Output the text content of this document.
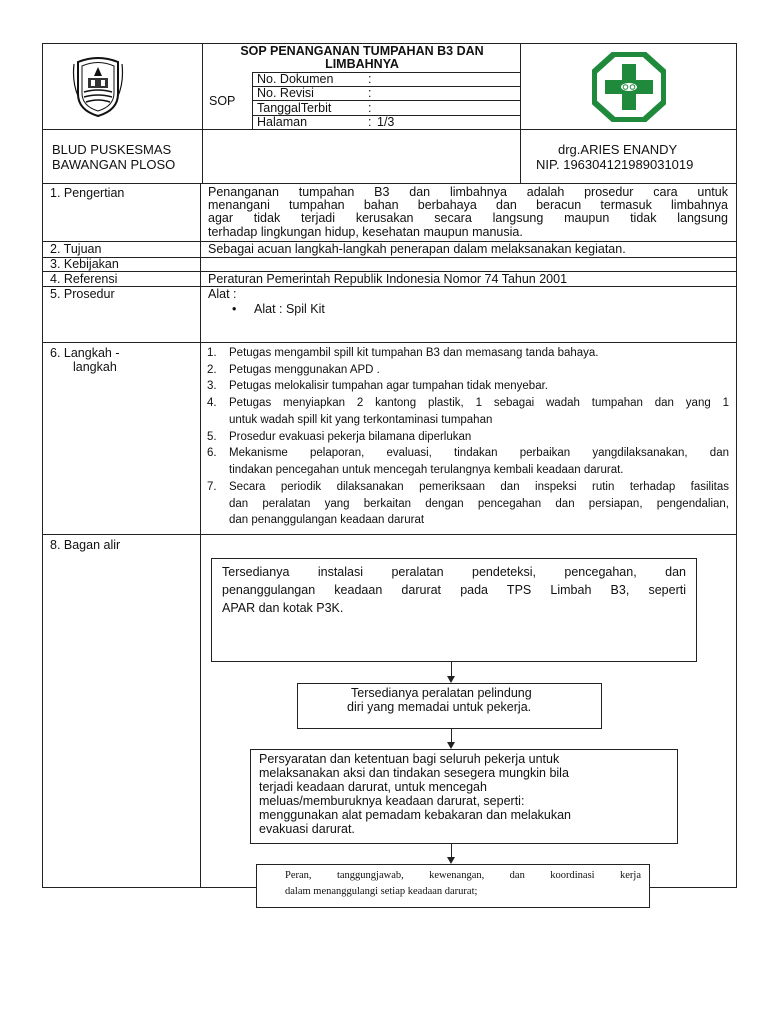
SOP PENANGANAN TUMPAHAN B3 DAN
LIMBAHNYA
SOP
No. Dokumen	:
No. Revisi	:
TanggalTerbit	:
Halaman	: 1/3
BLUD PUSKESMAS
BAWANGAN PLOSO
drg.ARIES ENANDY
NIP. 196304121989031019
1. Pengertian	Penanganan tumpahan B3 dan limbahnya adalah prosedur cara untuk
menangani tumpahan bahan berbahaya dan beracun termasuk limbahnya
agar tidak terjadi kerusakan secara langsung maupun tidak langsung
terhadap lingkungan hidup, kesehatan maupun manusia.
2. Tujuan	Sebagai acuan langkah-langkah penerapan dalam melaksanakan kegiatan.
3. Kebijakan
4. Referensi	Peraturan Pemerintah Republik Indonesia Nomor 74 Tahun 2001
5. Prosedur	Alat :
• Alat : Spil Kit
6. Langkah -
langkah
1. Petugas mengambil spill kit tumpahan B3 dan memasang tanda bahaya.
2. Petugas menggunakan APD .
3. Petugas melokalisir tumpahan agar tumpahan tidak menyebar.
4. Petugas menyiapkan 2 kantong plastik, 1 sebagai wadah tumpahan dan yang 1
untuk wadah spill kit yang terkontaminasi tumpahan
5. Prosedur evakuasi pekerja bilamana diperlukan
6. Mekanisme pelaporan, evaluasi, tindakan perbaikan yangdilaksanakan, dan
tindakan pencegahan untuk mencegah terulangnya kembali keadaan darurat.
7. Secara periodik dilaksanakan pemeriksaan dan inspeksi rutin terhadap fasilitas
dan peralatan yang berkaitan dengan pencegahan dan persiapan, pengendalian,
dan penanggulangan keadaan darurat
8. Bagan alir
Tersedianya instalasi peralatan pendeteksi, pencegahan, dan
penanggulangan keadaan darurat pada TPS Limbah B3, seperti
APAR dan kotak P3K.
Tersedianya peralatan pelindung
diri yang memadai untuk pekerja.
Persyaratan dan ketentuan bagi seluruh pekerja untuk
melaksanakan aksi dan tindakan sesegera mungkin bila
terjadi keadaan darurat, untuk mencegah
meluas/memburuknya keadaan darurat, seperti:
menggunakan alat pemadam kebakaran dan melakukan
evakuasi darurat.
Peran, tanggungjawab, kewenangan, dan koordinasi kerja
dalam menanggulangi setiap keadaan darurat;
